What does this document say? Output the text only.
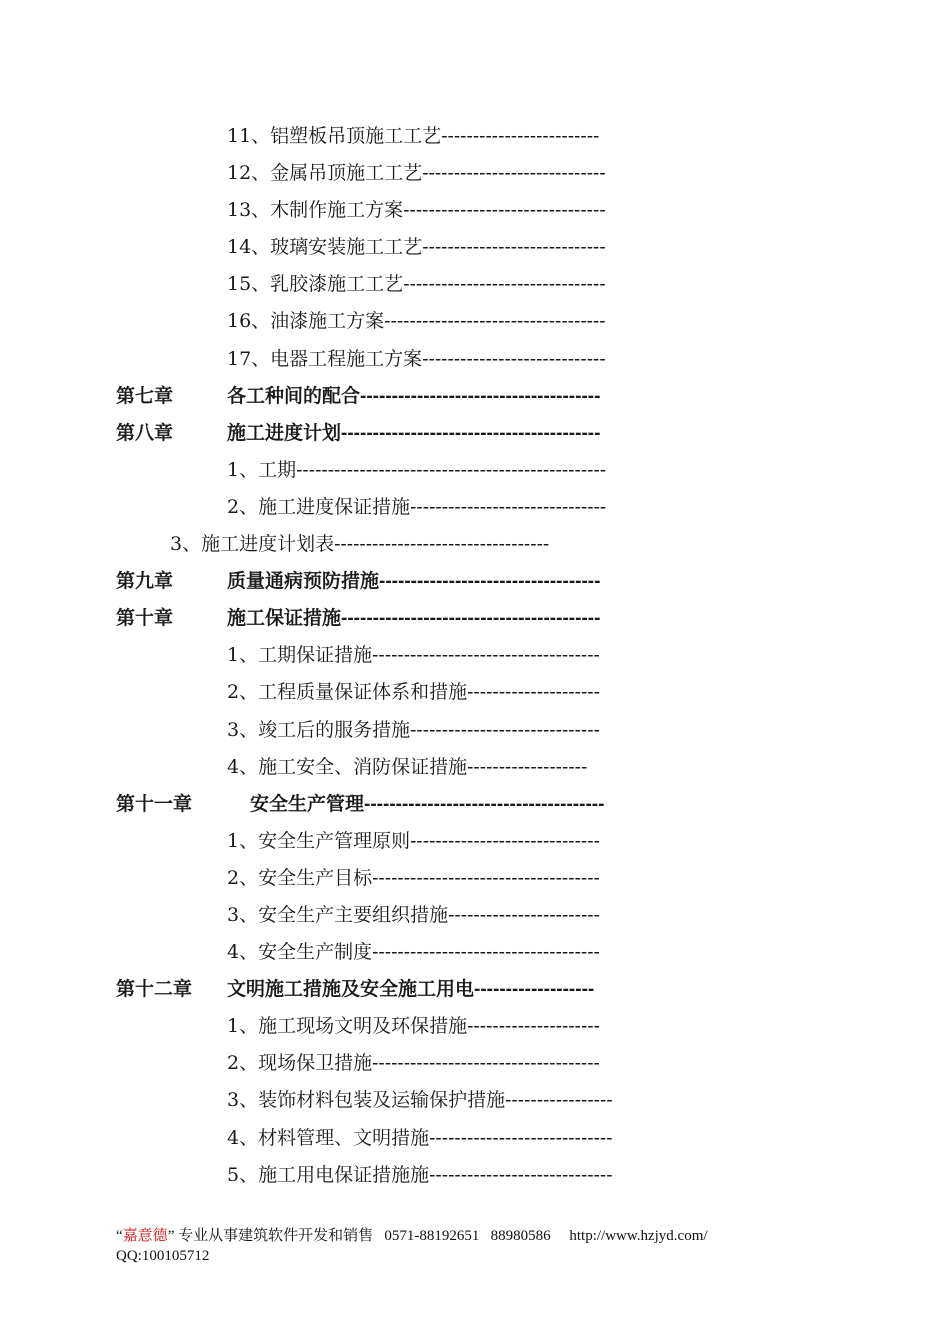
11、铝塑板吊顶施工工艺-------------------------
12、金属吊顶施工工艺-----------------------------
13、木制作施工方案--------------------------------
14、玻璃安装施工工艺-----------------------------
15、乳胶漆施工工艺--------------------------------
16、油漆施工方案-----------------------------------
17、电器工程施工方案-----------------------------
第七章	各工种间的配合--------------------------------------
第八章	施工进度计划-----------------------------------------
1、工期-------------------------------------------------
2、施工进度保证措施-------------------------------
3、施工进度计划表----------------------------------
第九章	质量通病预防措施-----------------------------------
第十章	施工保证措施-----------------------------------------
1、工期保证措施------------------------------------
2、工程质量保证体系和措施---------------------
3、竣工后的服务措施------------------------------
4、施工安全、消防保证措施-------------------
第十一章	安全生产管理--------------------------------------
1、安全生产管理原则------------------------------
2、安全生产目标------------------------------------
3、安全生产主要组织措施------------------------
4、安全生产制度------------------------------------
第十二章 文明施工措施及安全施工用电-------------------
1、施工现场文明及环保措施---------------------
2、现场保卫措施------------------------------------
3、装饰材料包装及运输保护措施-----------------
4、材料管理、文明措施-----------------------------
5、施工用电保证措施施-----------------------------
“嘉意德” 专业从事建筑软件开发和销售 0571-88192651 88980586 http://www.hzjyd.com/
QQ:100105712
